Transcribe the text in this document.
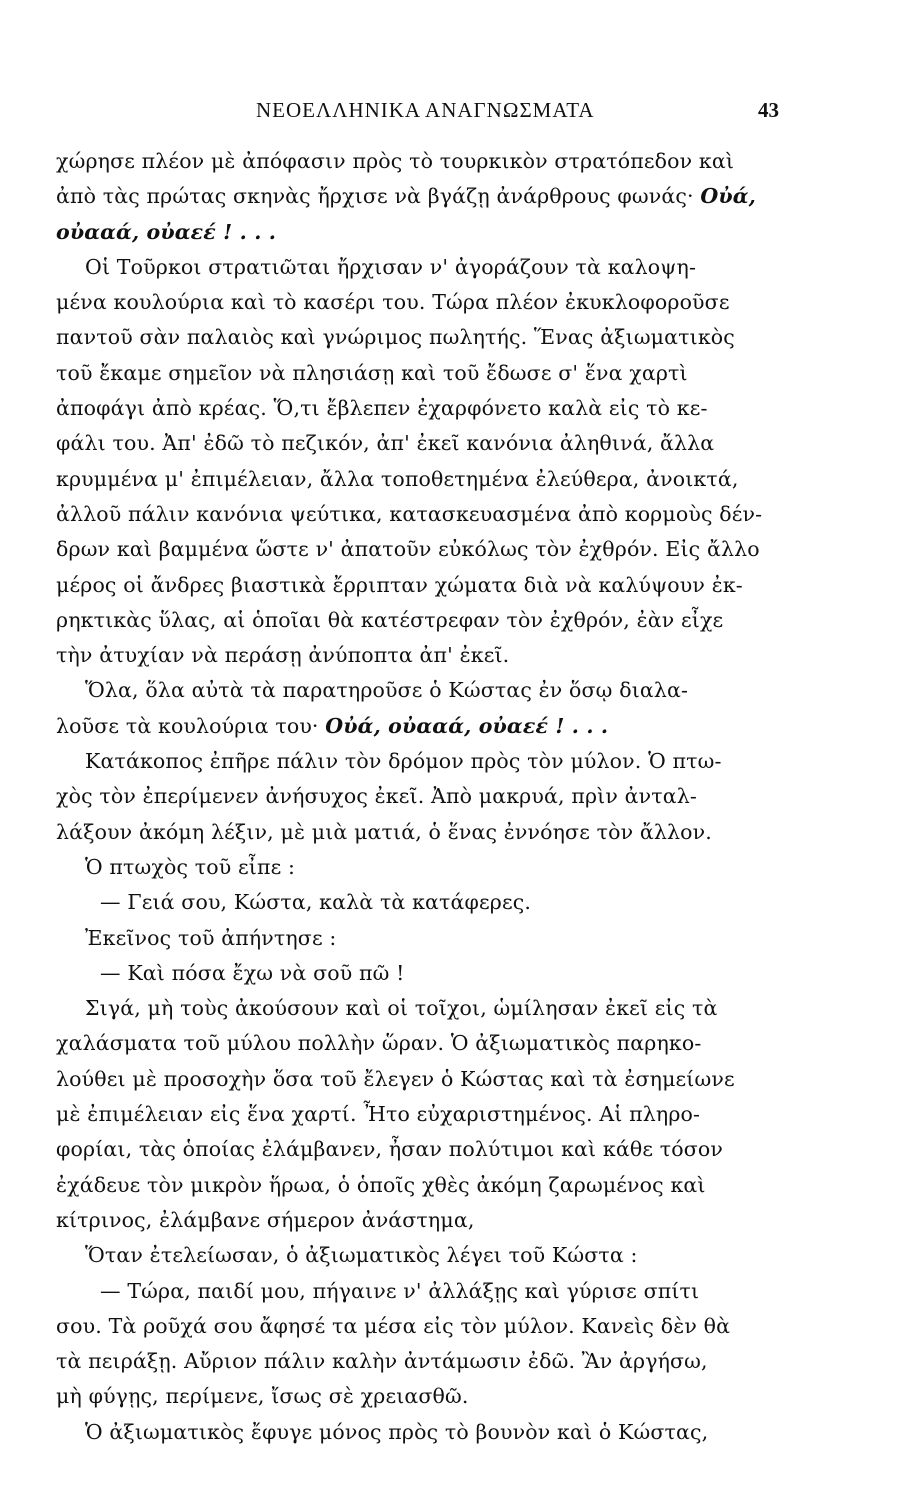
ΝΕΟΕΛΛΗΝΙΚΑ ΑΝΑΓΝΩΣΜΑΤΑ	43
χώρησε πλέον μὲ ἀπόφασιν πρὸς τὸ τουρκικὸν στρατόπεδον καὶ
ἀπὸ τὰς πρώτας σκηνὰς ἤρχισε νὰ βγάζῃ ἀνάρθρους φωνάς· Οὐά,
οὐααά, οὐαεέ ! . . .
Οἱ Τοῦρκοι στρατιῶται ἤρχισαν ν' ἀγοράζουν τὰ καλοψη-
μένα κουλούρια καὶ τὸ κασέρι του. Τώρα πλέον ἐκυκλοφοροῦσε
παντοῦ σὰν παλαιὸς καὶ γνώριμος πωλητής. Ἕνας ἀξιωματικὸς
τοῦ ἔκαμε σημεῖον νὰ πλησιάσῃ καὶ τοῦ ἔδωσε σ' ἕνα χαρτὶ
ἀποφάγι ἀπὸ κρέας. Ὅ,τι ἔβλεπεν ἐχαρφόνετο καλὰ εἰς τὸ κε-
φάλι του. Ἀπ' ἐδῶ τὸ πεζικόν, ἀπ' ἐκεῖ κανόνια ἀληθινά, ἄλλα
κρυμμένα μ' ἐπιμέλειαν, ἄλλα τοποθετημένα ἐλεύθερα, ἀνοικτά,
ἀλλοῦ πάλιν κανόνια ψεύτικα, κατασκευασμένα ἀπὸ κορμοὺς δέν-
δρων καὶ βαμμένα ὥστε ν' ἀπατοῦν εὐκόλως τὸν ἐχθρόν. Εἰς ἄλλο
μέρος οἱ ἄνδρες βιαστικὰ ἔρριπταν χώματα διὰ νὰ καλύψουν ἐκ-
ρηκτικὰς ὕλας, αἱ ὁποῖαι θὰ κατέστρεφαν τὸν ἐχθρόν, ἐὰν εἶχε
τὴν ἀτυχίαν νὰ περάσῃ ἀνύποπτα ἀπ' ἐκεῖ.
Ὅλα, ὅλα αὐτὰ τὰ παρατηροῦσε ὁ Κώστας ἐν ὅσῳ διαλα-
λοῦσε τὰ κουλούρια του· Οὐά, οὐααά, οὐαεέ ! . . .
Κατάκοπος ἐπῆρε πάλιν τὸν δρόμον πρὸς τὸν μύλον. Ὁ πτω-
χὸς τὸν ἐπερίμενεν ἀνήσυχος ἐκεῖ. Ἀπὸ μακρυά, πρὶν ἀνταλ-
λάξουν ἀκόμη λέξιν, μὲ μιὰ ματιά, ὁ ἕνας ἐννόησε τὸν ἄλλον.
Ὁ πτωχὸς τοῦ εἶπε :
— Γειά σου, Κώστα, καλὰ τὰ κατάφερες.
Ἐκεῖνος τοῦ ἀπήντησε :
— Καὶ πόσα ἔχω νὰ σοῦ πῶ !
Σιγά, μὴ τοὺς ἀκούσουν καὶ οἱ τοῖχοι, ὡμίλησαν ἐκεῖ εἰς τὰ
χαλάσματα τοῦ μύλου πολλὴν ὥραν. Ὁ ἀξιωματικὸς παρηκο-
λούθει μὲ προσοχὴν ὅσα τοῦ ἔλεγεν ὁ Κώστας καὶ τὰ ἐσημείωνε
μὲ ἐπιμέλειαν εἰς ἕνα χαρτί. Ἦτο εὐχαριστημένος. Αἱ πληρο-
φορίαι, τὰς ὁποίας ἐλάμβανεν, ἦσαν πολύτιμοι καὶ κάθε τόσον
ἐχάδευε τὸν μικρὸν ἥρωα, ὁ ὁποῖς χθὲς ἀκόμη ζαρωμένος καὶ
κίτρινος, ἐλάμβανε σήμερον ἀνάστημα,
Ὅταν ἐτελείωσαν, ὁ ἀξιωματικὸς λέγει τοῦ Κώστα :
— Τώρα, παιδί μου, πήγαινε ν' ἀλλάξῃς καὶ γύρισε σπίτι
σου. Τὰ ροῦχά σου ἄφησέ τα μέσα εἰς τὸν μύλον. Κανεὶς δὲν θὰ
τὰ πειράξῃ. Αὔριον πάλιν καλὴν ἀντάμωσιν ἐδῶ. Ἂν ἀργήσω,
μὴ φύγῃς, περίμενε, ἴσως σὲ χρειασθῶ.
Ὁ ἀξιωματικὸς ἔφυγε μόνος πρὸς τὸ βουνὸν καὶ ὁ Κώστας,
